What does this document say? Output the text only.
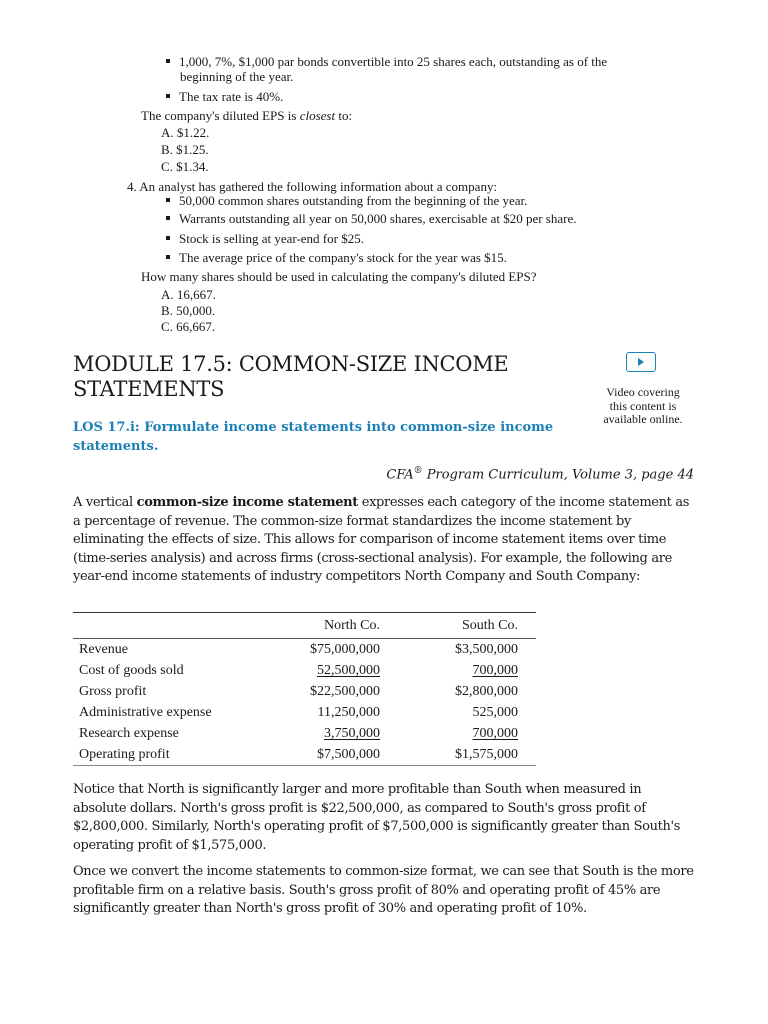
1,000, 7%, $1,000 par bonds convertible into 25 shares each, outstanding as of the
beginning of the year.
The tax rate is 40%.
The company's diluted EPS is closest to:
A. $1.22.
B. $1.25.
C. $1.34.
4. An analyst has gathered the following information about a company:
50,000 common shares outstanding from the beginning of the year.
Warrants outstanding all year on 50,000 shares, exercisable at $20 per share.
Stock is selling at year-end for $25.
The average price of the company's stock for the year was $15.
How many shares should be used in calculating the company's diluted EPS?
A. 16,667.
B. 50,000.
C. 66,667.
MODULE 17.5: COMMON-SIZE INCOME
STATEMENTS	Video covering
this content is
available online.
LOS 17.i: Formulate income statements into common-size income statements.
CFA® Program Curriculum, Volume 3, page 44
A vertical common-size income statement expresses each category of the income statement as a percentage of revenue. The common-size format standardizes the income statement by eliminating the effects of size. This allows for comparison of income statement items over time (time-series analysis) and across firms (cross-sectional analysis). For example, the following are year-end income statements of industry competitors North Company and South Company:
	North Co.	South Co.
Revenue	$75,000,000	$3,500,000
Cost of goods sold	52,500,000	700,000
Gross profit	$22,500,000	$2,800,000
Administrative expense	11,250,000	525,000
Research expense	3,750,000	700,000
Operating profit	$7,500,000	$1,575,000
Notice that North is significantly larger and more profitable than South when measured in absolute dollars. North's gross profit is $22,500,000, as compared to South's gross profit of $2,800,000. Similarly, North's operating profit of $7,500,000 is significantly greater than South's operating profit of $1,575,000.
Once we convert the income statements to common-size format, we can see that South is the more profitable firm on a relative basis. South's gross profit of 80% and operating profit of 45% are significantly greater than North's gross profit of 30% and operating profit of 10%.
